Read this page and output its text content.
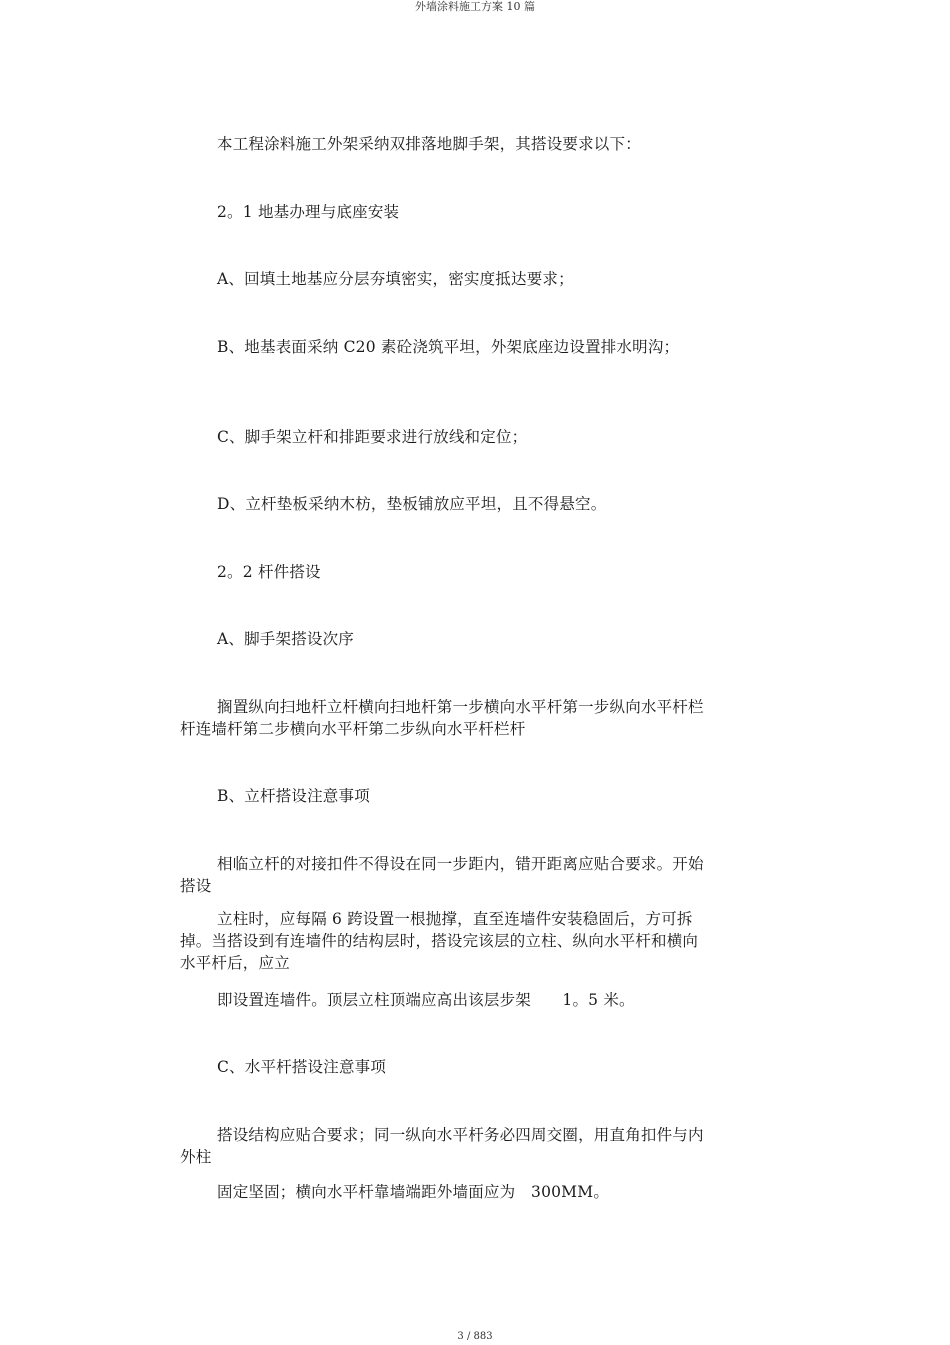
外墙涂料施工方案 10 篇
本工程涂料施工外架采纳双排落地脚手架，其搭设要求以下：
2。1 地基办理与底座安装
A、回填土地基应分层夯填密实，密实度抵达要求；
B、地基表面采纳 C20 素砼浇筑平坦，外架底座边设置排水明沟；
C、脚手架立杆和排距要求进行放线和定位；
D、立杆垫板采纳木枋，垫板铺放应平坦，且不得悬空。
2。2 杆件搭设
A、脚手架搭设次序
搁置纵向扫地杆立杆横向扫地杆第一步横向水平杆第一步纵向水平杆栏杆连墙杆第二步横向水平杆第二步纵向水平杆栏杆
B、立杆搭设注意事项
相临立杆的对接扣件不得设在同一步距内，错开距离应贴合要求。开始搭设
立柱时，应每隔 6 跨设置一根抛撑，直至连墙件安装稳固后，方可拆掉。当搭设到有连墙件的结构层时，搭设完该层的立柱、纵向水平杆和横向水平杆后，应立
即设置连墙件。顶层立柱顶端应高出该层步架　　1。5 米。
C、水平杆搭设注意事项
搭设结构应贴合要求；同一纵向水平杆务必四周交圈，用直角扣件与内外柱
固定坚固；横向水平杆靠墙端距外墙面应为　300MM。
3 / 883
